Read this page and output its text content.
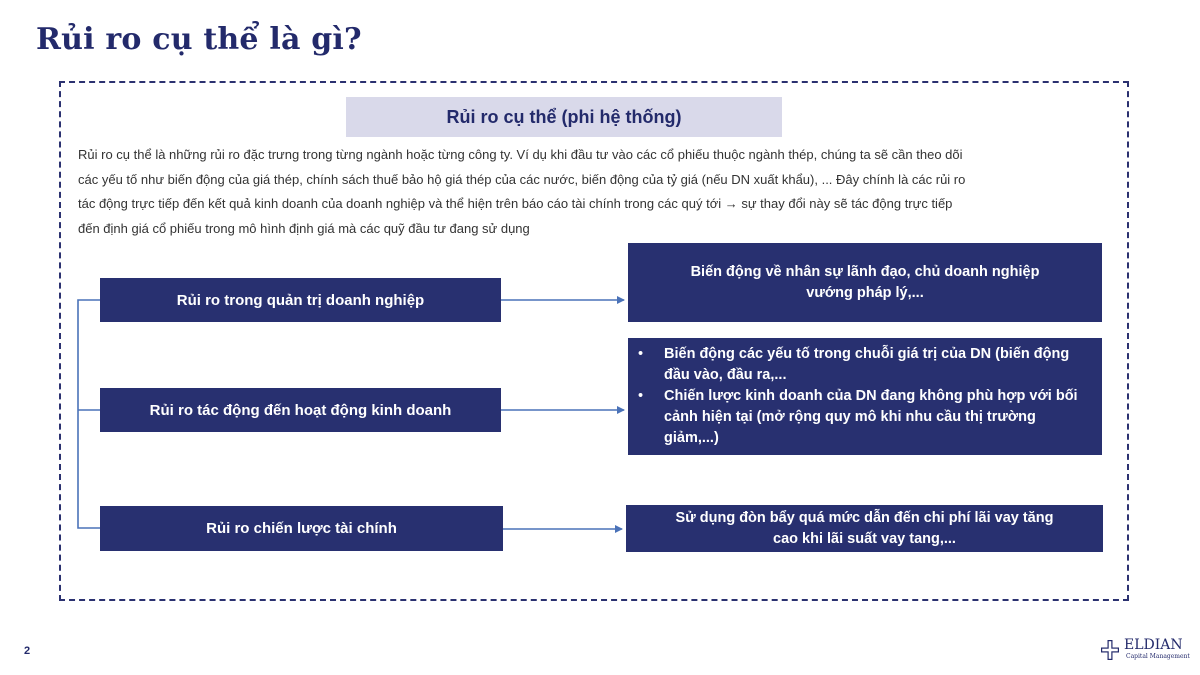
Rủi ro cụ thể là gì?
Rủi ro cụ thể (phi hệ thống)
Rủi ro cụ thể là những rủi ro đặc trưng trong từng ngành hoặc từng công ty. Ví dụ khi đầu tư vào các cổ phiếu thuộc ngành thép, chúng ta sẽ cần theo dõi
các yếu tố như biến động của giá thép, chính sách thuế bảo hộ giá thép của các nước, biến động của tỷ giá (nếu DN xuất khẩu), ... Đây chính là các rủi ro
tác động trực tiếp đến kết quả kinh doanh của doanh nghiệp và thể hiện trên báo cáo tài chính trong các quý tới → sự thay đổi này sẽ tác động trực tiếp
đến định giá cổ phiếu trong mô hình định giá mà các quỹ đầu tư đang sử dụng
Rủi ro trong quản trị doanh nghiệp
Rủi ro tác động đến hoạt động kinh doanh
Rủi ro chiến lược tài chính
Biến động về nhân sự lãnh đạo, chủ doanh nghiệp
vướng pháp lý,...
• Biến động các yếu tố trong chuỗi giá trị của DN (biến động đầu vào, đầu ra,...
• Chiến lược kinh doanh của DN đang không phù hợp với bối cảnh hiện tại (mở rộng quy mô khi nhu cầu thị trường giảm,...)
Sử dụng đòn bẩy quá mức dẫn đến chi phí lãi vay tăng
cao khi lãi suất vay tang,...
2	ELDIAN
Capital Management
